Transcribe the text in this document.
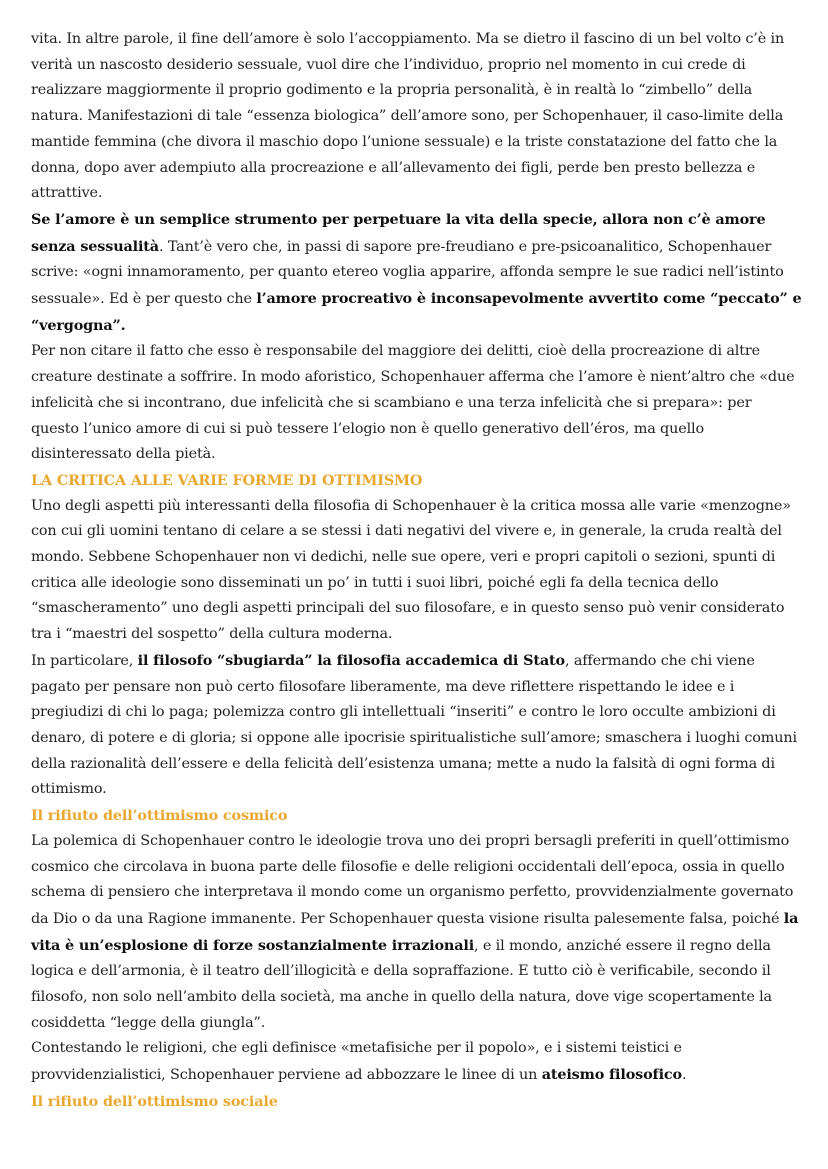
vita. In altre parole, il fine dell’amore è solo l’accoppiamento. Ma se dietro il fascino di un bel volto c’è in verità un nascosto desiderio sessuale, vuol dire che l’individuo, proprio nel momento in cui crede di realizzare maggiormente il proprio godimento e la propria personalità, è in realtà lo “zimbello” della natura. Manifestazioni di tale “essenza biologica” dell’amore sono, per Schopenhauer, il caso-limite della mantide femmina (che divora il maschio dopo l’unione sessuale) e la triste constatazione del fatto che la donna, dopo aver adempiuto alla procreazione e all’allevamento dei figli, perde ben presto bellezza e attrattive.

Se l’amore è un semplice strumento per perpetuare la vita della specie, allora non c’è amore senza sessualità. Tant’è vero che, in passi di sapore pre-freudiano e pre-psicoanalitico, Schopenhauer scrive: «ogni innamoramento, per quanto etereo voglia apparire, affonda sempre le sue radici nell’istinto sessuale». Ed è per questo che l’amore procreativo è inconsapevolmente avvertito come “peccato” e “vergogna”.

Per non citare il fatto che esso è responsabile del maggiore dei delitti, cioè della procreazione di altre creature destinate a soffrire. In modo aforistico, Schopenhauer afferma che l’amore è nient’altro che «due infelicità che si incontrano, due infelicità che si scambiano e una terza infelicità che si prepara»: per questo l’unico amore di cui si può tessere l’elogio non è quello generativo dell’éros, ma quello disinteressato della pietà.

LA CRITICA ALLE VARIE FORME DI OTTIMISMO

Uno degli aspetti più interessanti della filosofia di Schopenhauer è la critica mossa alle varie «menzogne» con cui gli uomini tentano di celare a se stessi i dati negativi del vivere e, in generale, la cruda realtà del mondo. Sebbene Schopenhauer non vi dedichi, nelle sue opere, veri e propri capitoli o sezioni, spunti di critica alle ideologie sono disseminati un po’ in tutti i suoi libri, poiché egli fa della tecnica dello “smascheramento” uno degli aspetti principali del suo filosofare, e in questo senso può venir considerato tra i “maestri del sospetto” della cultura moderna.

In particolare, il filosofo “sbugiarda” la filosofia accademica di Stato, affermando che chi viene pagato per pensare non può certo filosofare liberamente, ma deve riflettere rispettando le idee e i pregiudizi di chi lo paga; polemizza contro gli intellettuali “inseriti” e contro le loro occulte ambizioni di denaro, di potere e di gloria; si oppone alle ipocrisie spiritualistiche sull’amore; smaschera i luoghi comuni della razionalità dell’essere e della felicità dell’esistenza umana; mette a nudo la falsità di ogni forma di ottimismo.

Il rifiuto dell’ottimismo cosmico

La polemica di Schopenhauer contro le ideologie trova uno dei propri bersagli preferiti in quell’ottimismo cosmico che circolava in buona parte delle filosofie e delle religioni occidentali dell’epoca, ossia in quello schema di pensiero che interpretava il mondo come un organismo perfetto, provvidenzialmente governato da Dio o da una Ragione immanente. Per Schopenhauer questa visione risulta palesemente falsa, poiché la vita è un’esplosione di forze sostanzialmente irrazionali, e il mondo, anziché essere il regno della logica e dell’armonia, è il teatro dell’illogicità e della sopraffazione. E tutto ciò è verificabile, secondo il filosofo, non solo nell’ambito della società, ma anche in quello della natura, dove vige scopertamente la cosiddetta “legge della giungla”.

Contestando le religioni, che egli definisce «metafisiche per il popolo», e i sistemi teistici e provvidenzialistici, Schopenhauer perviene ad abbozzare le linee di un ateismo filosofico.

Il rifiuto dell’ottimismo sociale
